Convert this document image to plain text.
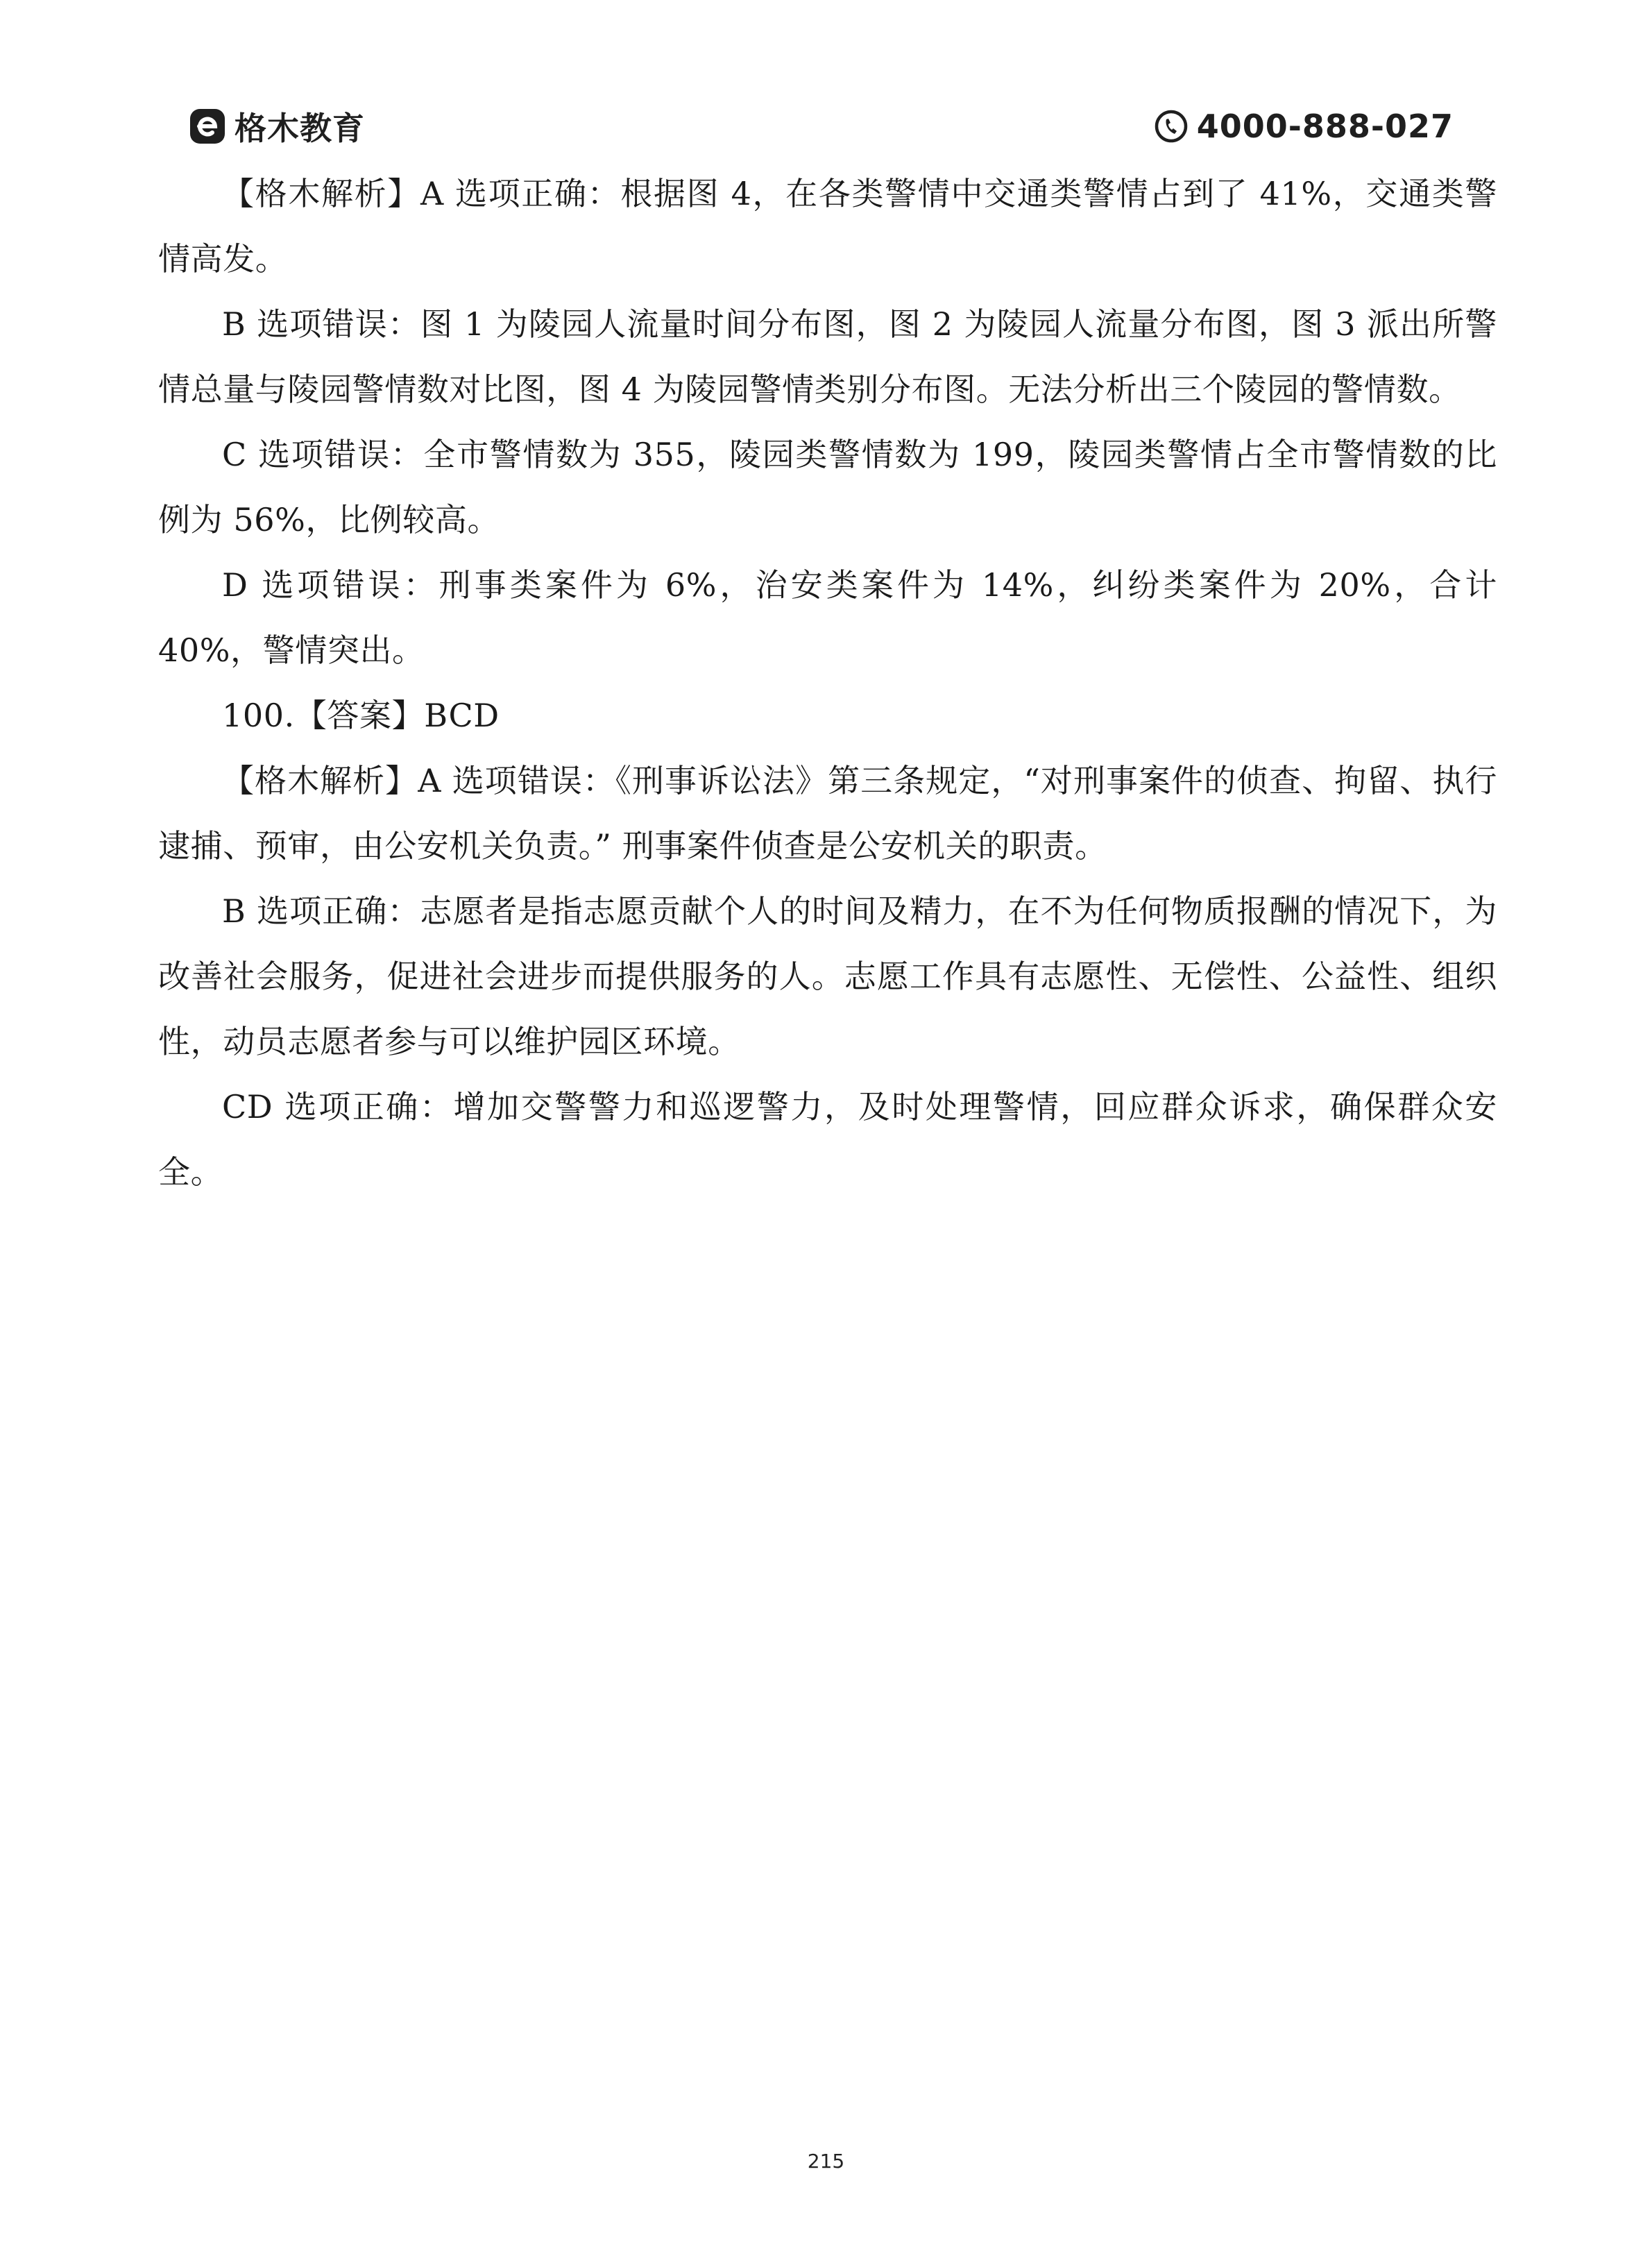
格木教育	4000-888-027

【格木解析】A 选项正确：根据图 4，在各类警情中交通类警情占到了 41%，交通类警情高发。

B 选项错误：图 1 为陵园人流量时间分布图，图 2 为陵园人流量分布图，图 3 派出所警情总量与陵园警情数对比图，图 4 为陵园警情类别分布图。无法分析出三个陵园的警情数。

C 选项错误：全市警情数为 355，陵园类警情数为 199，陵园类警情占全市警情数的比例为 56%，比例较高。

D 选项错误：刑事类案件为 6%，治安类案件为 14%，纠纷类案件为 20%，合计 40%，警情突出。

100.【答案】BCD

【格木解析】A 选项错误：《刑事诉讼法》第三条规定，“对刑事案件的侦查、拘留、执行逮捕、预审，由公安机关负责。” 刑事案件侦查是公安机关的职责。

B 选项正确：志愿者是指志愿贡献个人的时间及精力，在不为任何物质报酬的情况下，为改善社会服务，促进社会进步而提供服务的人。志愿工作具有志愿性、无偿性、公益性、组织性，动员志愿者参与可以维护园区环境。

CD 选项正确：增加交警警力和巡逻警力，及时处理警情，回应群众诉求，确保群众安全。

215
